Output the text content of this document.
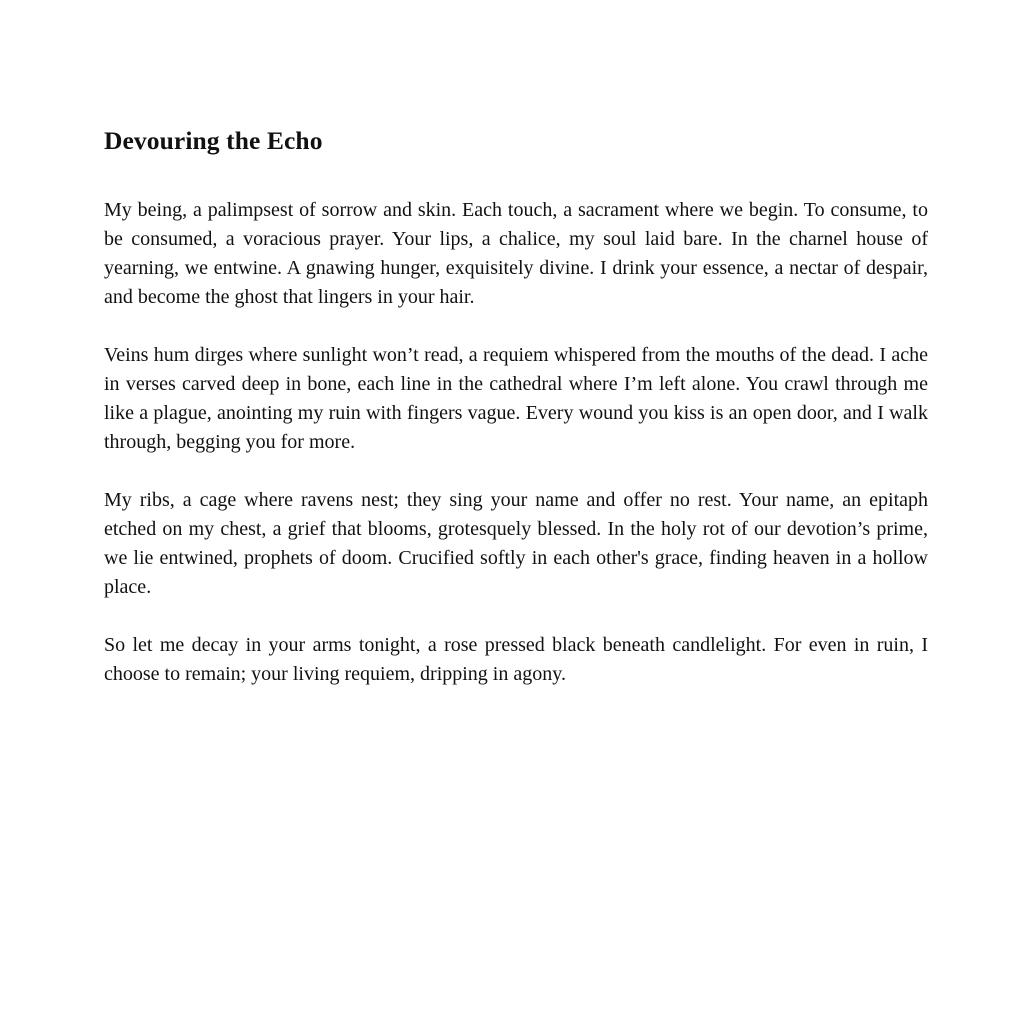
Devouring the Echo

My being, a palimpsest of sorrow and skin. Each touch, a sacrament where we begin. To consume, to be consumed, a voracious prayer. Your lips, a chalice, my soul laid bare. In the charnel house of yearning, we entwine. A gnawing hunger, exquisitely divine. I drink your essence, a nectar of despair, and become the ghost that lingers in your hair.

Veins hum dirges where sunlight won’t read, a requiem whispered from the mouths of the dead. I ache in verses carved deep in bone, each line in the cathedral where I’m left alone. You crawl through me like a plague, anointing my ruin with fingers vague. Every wound you kiss is an open door, and I walk through, begging you for more.

My ribs, a cage where ravens nest; they sing your name and offer no rest. Your name, an epitaph etched on my chest, a grief that blooms, grotesquely blessed. In the holy rot of our devotion’s prime, we lie entwined, prophets of doom. Crucified softly in each other's grace, finding heaven in a hollow place.

So let me decay in your arms tonight, a rose pressed black beneath candlelight. For even in ruin, I choose to remain; your living requiem, dripping in agony.
